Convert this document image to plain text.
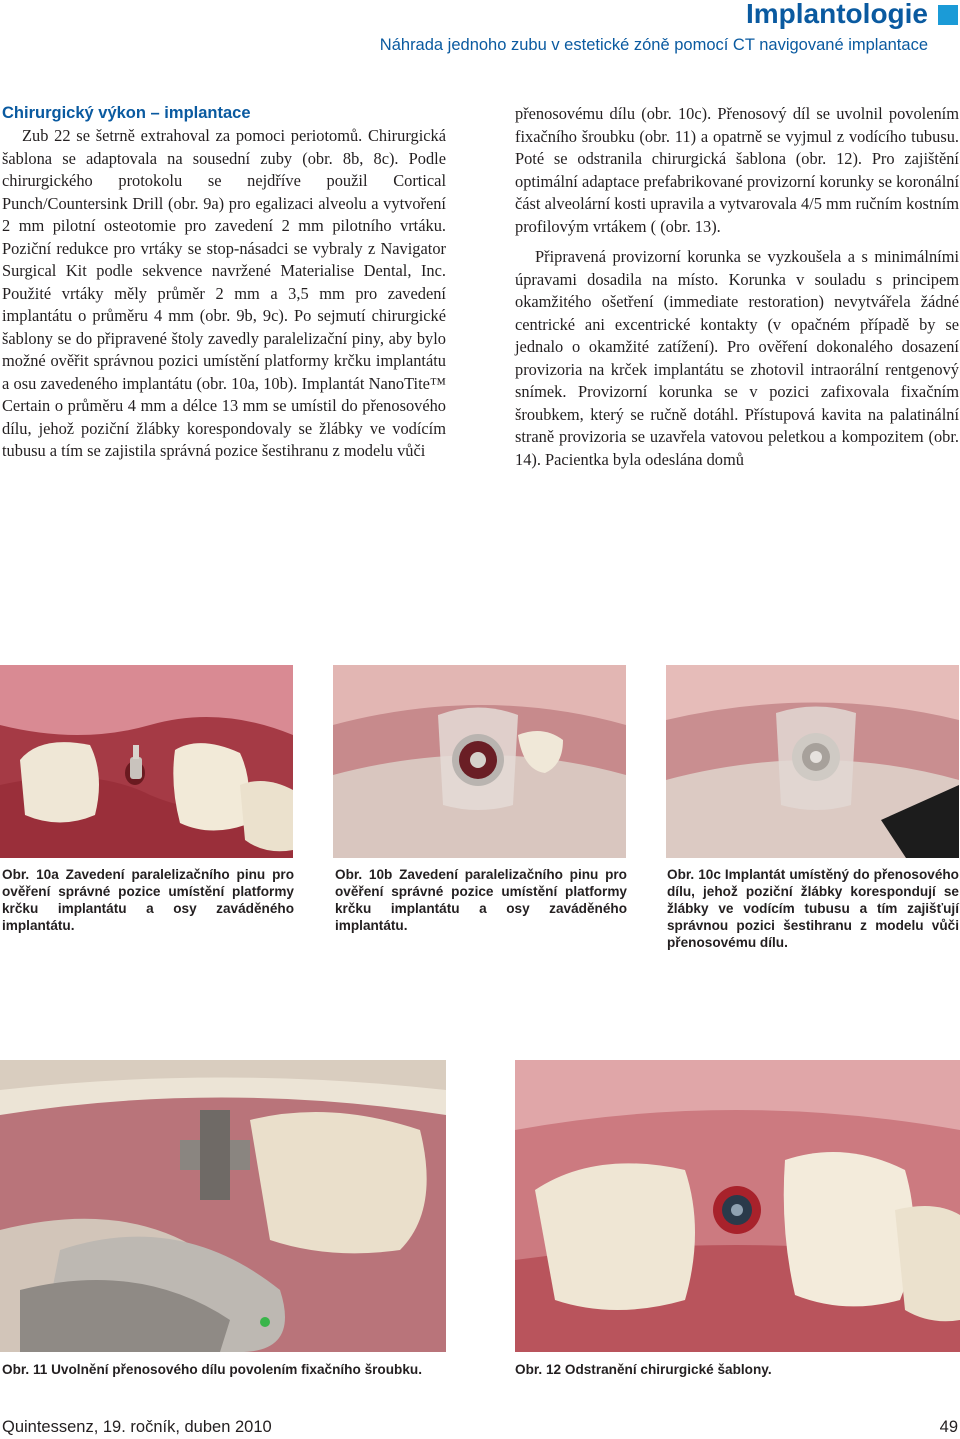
Implantologie
Náhrada jednoho zubu v estetické zóně pomocí CT navigované implantace
Chirurgický výkon – implantace

Zub 22 se šetrně extrahoval za pomoci periotomů. Chirurgická šablona se adaptovala na sousední zuby (obr. 8b, 8c). Podle chirurgického protokolu se nejdříve použil Cortical Punch/Countersink Drill (obr. 9a) pro egalizaci alveolu a vytvoření 2 mm pilotní osteotomie pro zavedení 2 mm pilotního vrtáku. Poziční redukce pro vrtáky se stop-násadci se vybraly z Navigator Surgical Kit podle sekvence navržené Materialise Dental, Inc. Použité vrtáky měly průměr 2 mm a 3,5 mm pro zavedení implantátu o průměru 4 mm (obr. 9b, 9c). Po sejmutí chirurgické šablony se do připravené štoly zavedly paralelizační piny, aby bylo možné ověřit správnou pozici umístění platformy krčku implantátu a osu zavedeného implantátu (obr. 10a, 10b). Implantát NanoTite™ Certain o průměru 4 mm a délce 13 mm se umístil do přenosového dílu, jehož poziční žlábky korespondovaly se žlábky ve vodícím tubusu a tím se zajistila správná pozice šestihranu z modelu vůči

přenosovému dílu (obr. 10c). Přenosový díl se uvolnil povolením fixačního šroubku (obr. 11) a opatrně se vyjmul z vodícího tubusu. Poté se odstranila chirurgická šablona (obr. 12). Pro zajištění optimální adaptace prefabrikované provizorní korunky se koronální část alveolární kosti upravila a vytvarovala 4/5 mm ručním kostním profilovým vrtákem ( (obr. 13).

Připravená provizorní korunka se vyzkoušela a s minimálními úpravami dosadila na místo. Korunka v souladu s principem okamžitého ošetření (immediate restoration) nevytvářela žádné centrické ani excentrické kontakty (v opačném případě by se jednalo o okamžité zatížení). Pro ověření dokonalého dosazení provizoria na krček implantátu se zhotovil intraorální rentgenový snímek. Provizorní korunka se v pozici zafixovala fixačním šroubkem, který se ručně dotáhl. Přístupová kavita na palatinální straně provizoria se uzavřela vatovou peletkou a kompozitem (obr. 14). Pacientka byla odeslána domů

Obr. 10a Zavedení paralelizačního pinu pro ověření správné pozice umístění platformy krčku implantátu a osy zaváděného implantátu.

Obr. 10b Zavedení paralelizačního pinu pro ověření správné pozice umístění platformy krčku implantátu a osy zaváděného implantátu.

Obr. 10c Implantát umístěný do přenosového dílu, jehož poziční žlábky korespondují se žlábky ve vodícím tubusu a tím zajišťují správnou pozici šestihranu z modelu vůči přenosovému dílu.

Obr. 11 Uvolnění přenosového dílu povolením fixačního šroubku.	Obr. 12 Odstranění chirurgické šablony.

Quintessenz, 19. ročník, duben 2010	49
